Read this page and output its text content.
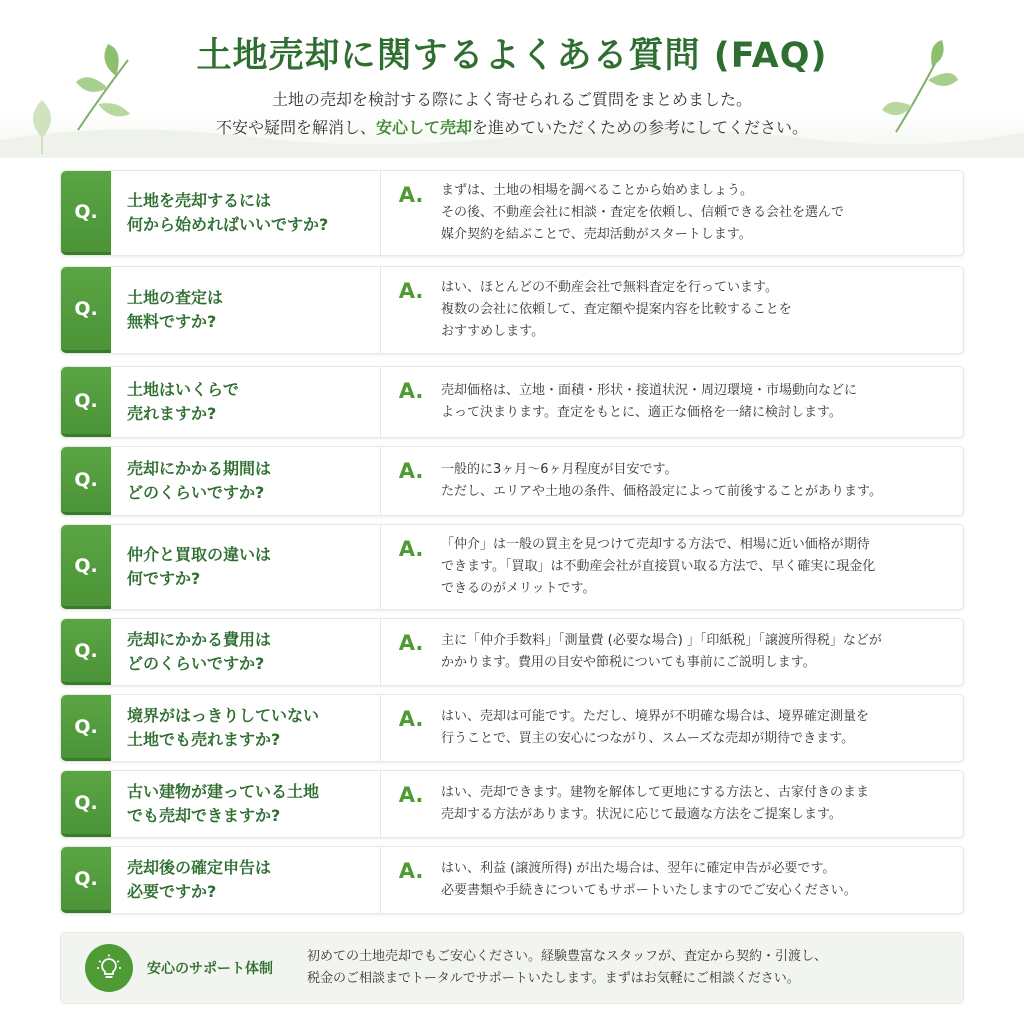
土地売却に関するよくある質問 (FAQ)
土地の売却を検討する際によく寄せられるご質問をまとめました。
不安や疑問を解消し、安心して売却を進めていただくための参考にしてください。
Q.	土地を売却するには
何から始めればいいですか?
A.	まずは、土地の相場を調べることから始めましょう。
その後、不動産会社に相談・査定を依頼し、信頼できる会社を選んで
媒介契約を結ぶことで、売却活動がスタートします。
Q.	土地の査定は
無料ですか?
A.	はい、ほとんどの不動産会社で無料査定を行っています。
複数の会社に依頼して、査定額や提案内容を比較することを
おすすめします。
Q.	土地はいくらで
売れますか?
A.	売却価格は、立地・面積・形状・接道状況・周辺環境・市場動向などに
よって決まります。査定をもとに、適正な価格を一緒に検討します。
Q.	売却にかかる期間は
どのくらいですか?
A.	一般的に3ヶ月〜6ヶ月程度が目安です。
ただし、エリアや土地の条件、価格設定によって前後することがあります。
Q.	仲介と買取の違いは
何ですか?
A.	「仲介」は一般の買主を見つけて売却する方法で、相場に近い価格が期待
できます。「買取」は不動産会社が直接買い取る方法で、早く確実に現金化
できるのがメリットです。
Q.	売却にかかる費用は
どのくらいですか?
A.	主に「仲介手数料」「測量費 (必要な場合) 」「印紙税」「譲渡所得税」などが
かかります。費用の目安や節税についても事前にご説明します。
Q.	境界がはっきりしていない
土地でも売れますか?
A.	はい、売却は可能です。ただし、境界が不明確な場合は、境界確定測量を
行うことで、買主の安心につながり、スムーズな売却が期待できます。
Q.	古い建物が建っている土地
でも売却できますか?
A.	はい、売却できます。建物を解体して更地にする方法と、古家付きのまま
売却する方法があります。状況に応じて最適な方法をご提案します。
Q.	売却後の確定申告は
必要ですか?
A.	はい、利益 (譲渡所得) が出た場合は、翌年に確定申告が必要です。
必要書類や手続きについてもサポートいたしますのでご安心ください。
安心のサポート体制
初めての土地売却でもご安心ください。経験豊富なスタッフが、査定から契約・引渡し、
税金のご相談までトータルでサポートいたします。まずはお気軽にご相談ください。
